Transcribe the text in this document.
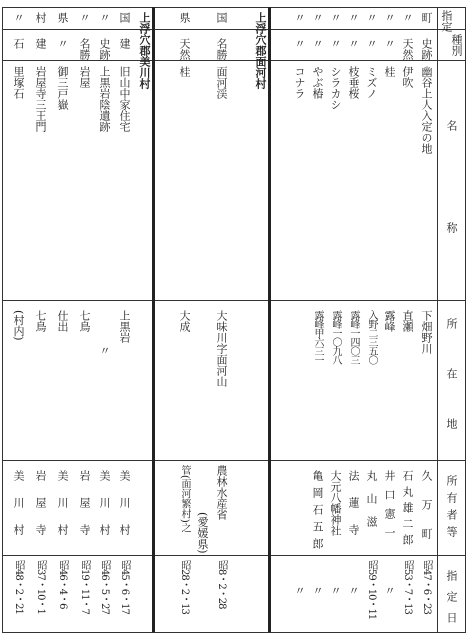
指定
種別
名　称
所　在　地
所有者等
指定日
上浮穴郡面河村
上浮穴郡美川村	町
史跡
幽谷上人入定の地
下畑野川
久万町
昭47・6・23
〃
天然
伊吹
直瀬
石丸雄二郎
昭53・7・13
〃
〃
桂
露峰
井口憲一
〃
〃
〃
ミズノ
入野二三五〇
丸山滋
昭59・10・11
〃
〃
枝垂桜
露峰一四〇三
法蓮寺
〃
〃
〃
シラカシ
露峰一〇九八
大元八幡神社
〃
〃
〃
やぶ椿
露峰甲六三一
亀岡石五郎
〃
〃
〃
コナラ
〃
県
天然
桂
大成
(愛媛県)
昭28・2・13
国
名勝
面河渓
大味川字面河山
農林水産省
管(面河繁村)之
昭8・2・28
〃
石
里塚石
(村内)
美川村
昭48・2・21
村
建
岩屋寺三王門
七鳥
岩屋寺
昭37・10・1
県
〃
御三戸嶽
仕出
美川村
昭46・4・6
〃
名勝
岩屋
七鳥
岩屋寺
昭19・11・7
〃
史跡
上黒岩陰遺跡
〃
美川村
昭46・5・27
国
建
旧山中家住宅
上黒岩
美川村
昭45・6・17
